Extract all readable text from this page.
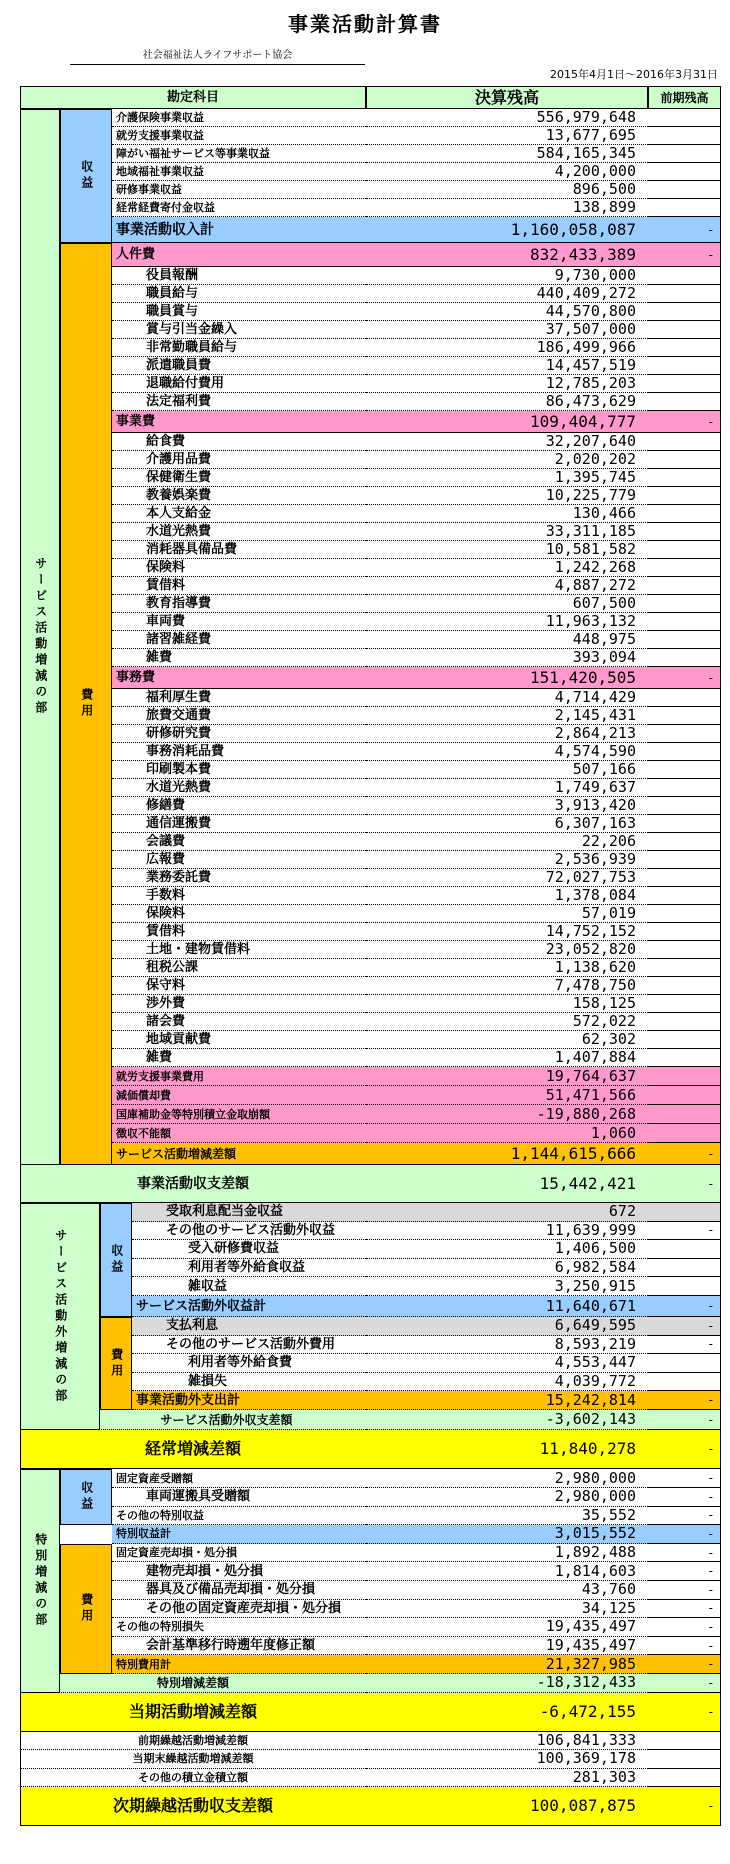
事業活動計算書
社会福祉法人ライフサポート協会
2015年4月1日～2016年3月31日
勘定科目	決算残高	前期残高
介護保険事業収益	556,979,648
就労支援事業収益	13,677,695
障がい福祉サービス等事業収益	584,165,345
地域福祉事業収益	4,200,000
研修事業収益	896,500
経常経費寄付金収益	138,899
事業活動収入計	1,160,058,087	-
人件費	832,433,389	-
役員報酬	9,730,000
職員給与	440,409,272
職員賞与	44,570,800
賞与引当金繰入	37,507,000
非常勤職員給与	186,499,966
派遣職員費	14,457,519
退職給付費用	12,785,203
法定福利費	86,473,629
事業費	109,404,777	-
給食費	32,207,640
介護用品費	2,020,202
保健衛生費	1,395,745
教養娯楽費	10,225,779
本人支給金	130,466
水道光熱費	33,311,185
消耗器具備品費	10,581,582
保険料	1,242,268
賃借料	4,887,272
教育指導費	607,500
車両費	11,963,132
諸習雑経費	448,975
雑費	393,094
事務費	151,420,505	-
福利厚生費	4,714,429
旅費交通費	2,145,431
研修研究費	2,864,213
事務消耗品費	4,574,590
印刷製本費	507,166
水道光熱費	1,749,637
修繕費	3,913,420
通信運搬費	6,307,163
会議費	22,206
広報費	2,536,939
業務委託費	72,027,753
手数料	1,378,084
保険料	57,019
賃借料	14,752,152
土地・建物賃借料	23,052,820
租税公課	1,138,620
保守料	7,478,750
渉外費	158,125
諸会費	572,022
地域貢献費	62,302
雑費	1,407,884
就労支援事業費用	19,764,637
減価償却費	51,471,566
国庫補助金等特別積立金取崩額	-19,880,268
徴収不能額	1,060
サービス活動増減差額	1,144,615,666	-
事業活動収支差額	15,442,421	-
受取利息配当金収益	672
その他のサービス活動外収益	11,639,999	-
受入研修費収益	1,406,500
利用者等外給食収益	6,982,584
雑収益	3,250,915
サービス活動外収益計	11,640,671	-
支払利息	6,649,595	-
その他のサービス活動外費用	8,593,219	-
利用者等外給食費	4,553,447
雑損失	4,039,772
事業活動外支出計	15,242,814	-
サービス活動外収支差額	-3,602,143	-
経常増減差額	11,840,278	-
固定資産受贈額	2,980,000	-
車両運搬具受贈額	2,980,000	-
その他の特別収益	35,552	-
特別収益計	3,015,552	-
固定資産売却損・処分損	1,892,488	-
建物売却損・処分損	1,814,603	-
器具及び備品売却損・処分損	43,760	-
その他の固定資産売却損・処分損	34,125	-
その他の特別損失	19,435,497	-
会計基準移行時遡年度修正額	19,435,497	-
特別費用計	21,327,985	-
特別増減差額	-18,312,433	-
当期活動増減差額	-6,472,155	-
前期繰越活動増減差額	106,841,333
当期末繰越活動増減差額	100,369,178
その他の積立金積立額	281,303
次期繰越活動収支差額	100,087,875	-
サービス活動増減の部
収益
費用
サービス活動外増減の部	収益
費用
特別増減の部
収益
費用
